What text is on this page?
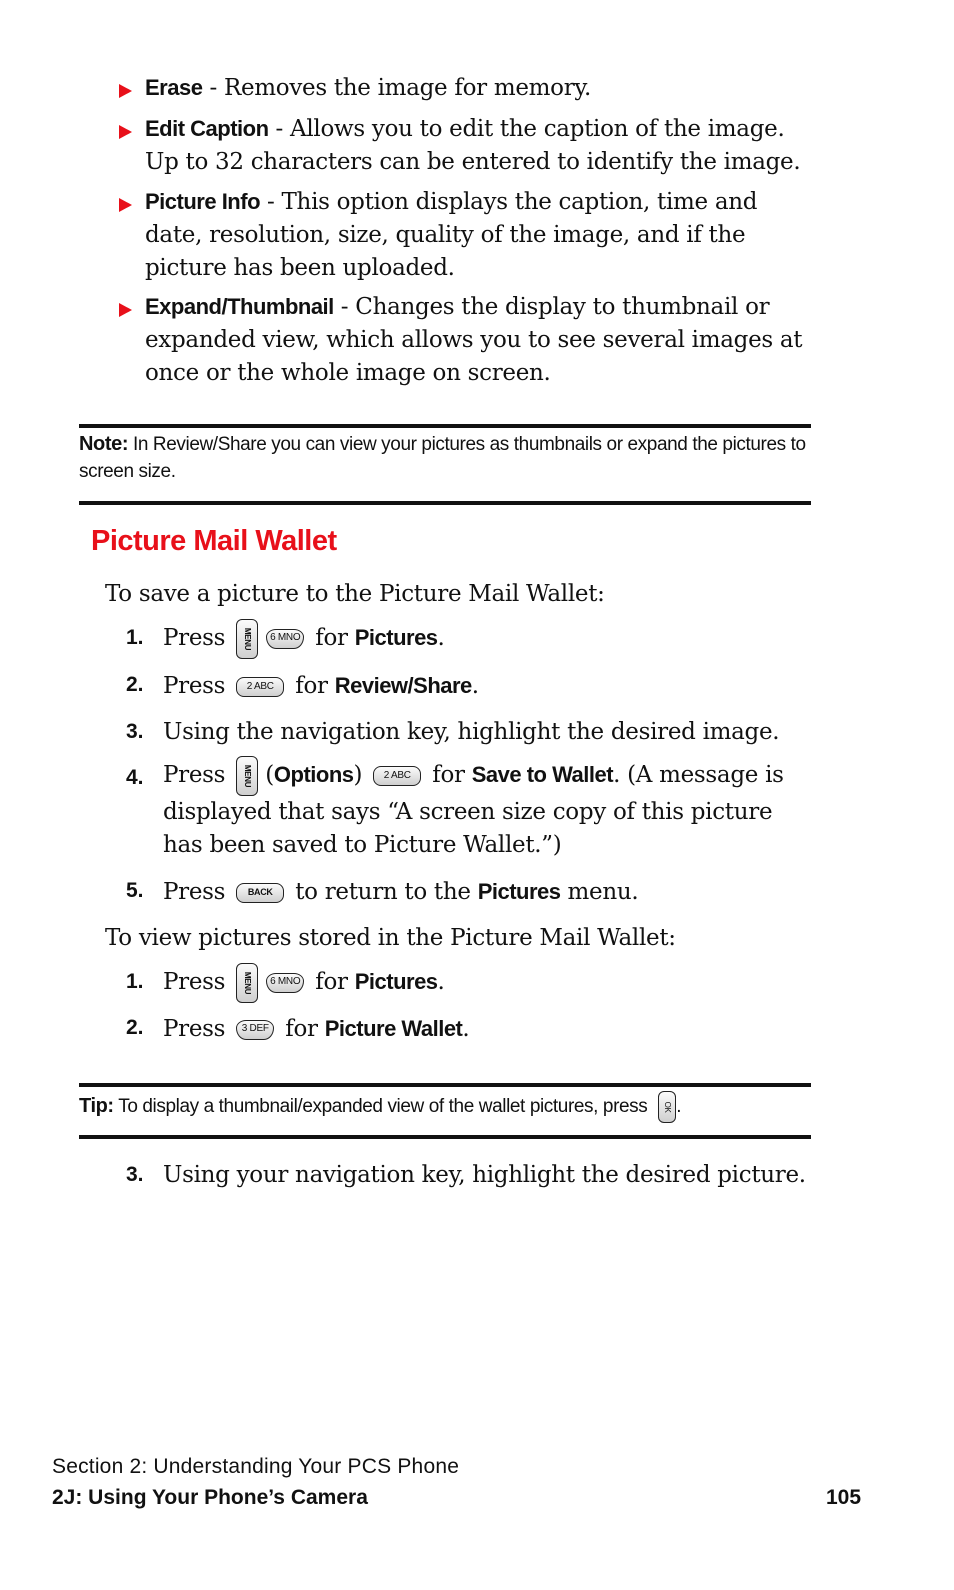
Erase - Removes the image for memory.
Edit Caption - Allows you to edit the caption of the image. Up to 32 characters can be entered to identify the image.
Picture Info - This option displays the caption, time and date, resolution, size, quality of the image, and if the picture has been uploaded.
Expand/Thumbnail - Changes the display to thumbnail or expanded view, which allows you to see several images at once or the whole image on screen.
Note: In Review/Share you can view your pictures as thumbnails or expand the pictures to screen size.
Picture Mail Wallet
To save a picture to the Picture Mail Wallet:
1. Press MENU 6 MNO for Pictures.
2. Press 2 ABC for Review/Share.
3. Using the navigation key, highlight the desired image.
4. Press MENU (Options) 2 ABC for Save to Wallet. (A message is displayed that says “A screen size copy of this picture has been saved to Picture Wallet.”)
5. Press	BACK to return to the Pictures menu.
To view pictures stored in the Picture Mail Wallet:
1. Press MENU 6 MNO for Pictures.
2. Press 3 DEF for Picture Wallet.
Tip: To display a thumbnail/expanded view of the wallet pictures, press OK .
3. Using your navigation key, highlight the desired picture.
Section 2: Understanding Your PCS Phone
2J: Using Your Phone’s Camera	105
